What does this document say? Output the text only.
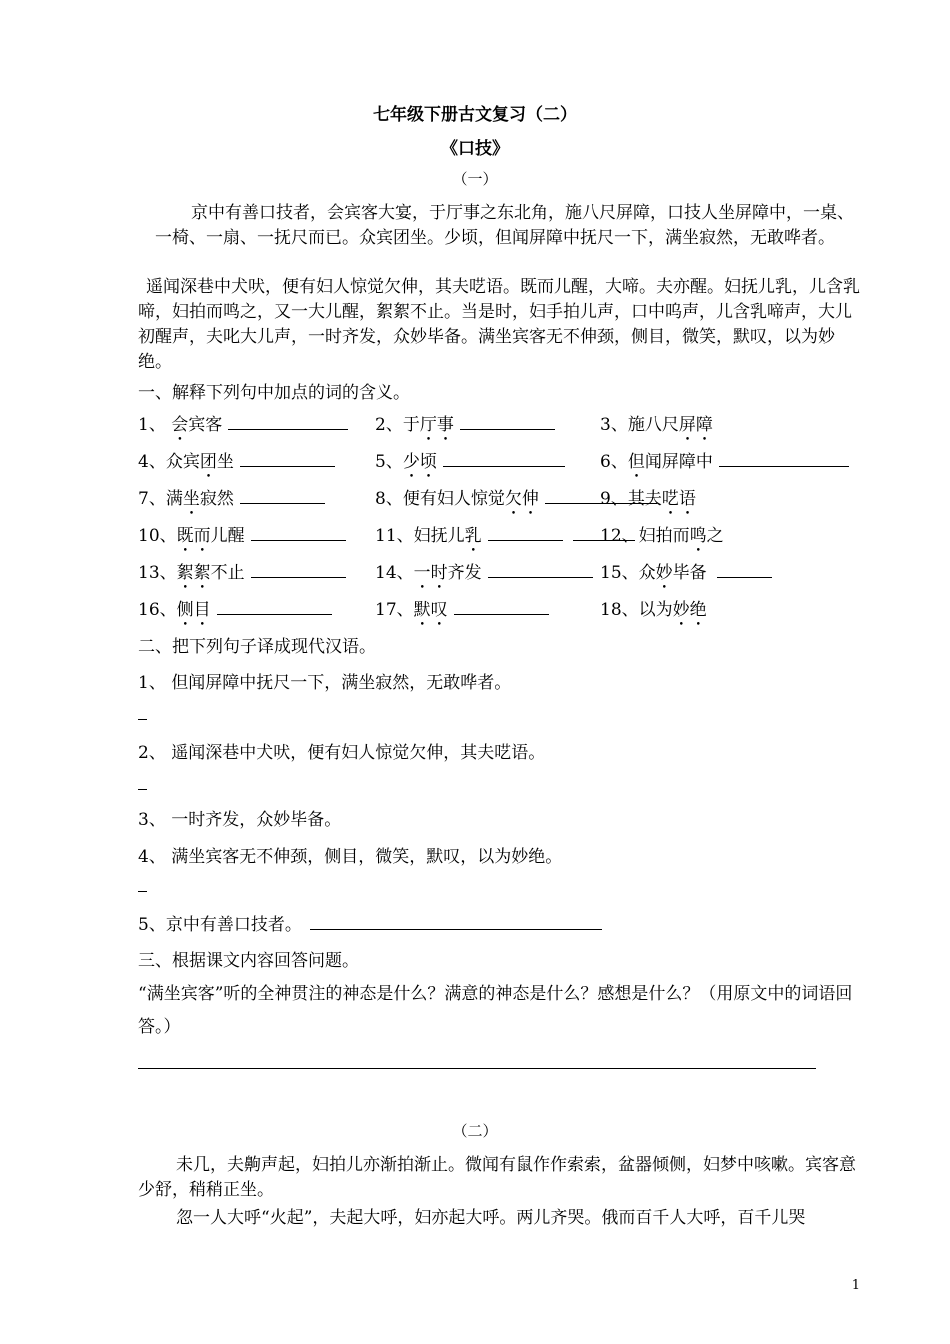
七年级下册古文复习（二）
《口技》
（一）
京中有善口技者，会宾客大宴，于厅事之东北角，施八尺屏障，口技人坐屏障中，一桌、一椅、一扇、一抚尺而已。众宾团坐。少顷，但闻屏障中抚尺一下，满坐寂然，无敢哗者。
遥闻深巷中犬吠，便有妇人惊觉欠伸，其夫呓语。既而儿醒，大啼。夫亦醒。妇抚儿乳，儿含乳啼，妇拍而鸣之，又一大儿醒，絮絮不止。当是时，妇手拍儿声，口中呜声，儿含乳啼声，大儿初醒声，夫叱大儿声，一时齐发，众妙毕备。满坐宾客无不伸颈，侧目，微笑，默叹，以为妙绝。
一、解释下列句中加点的词的含义。
1、 会宾客	2、于厅事	3、施八尺屏障
4、众宾团坐	5、少顷	6、但闻屏障中
7、满坐寂然	8、便有妇人惊觉欠伸	9、其夫呓语
10、既而儿醒	11、妇抚儿乳	12、妇拍而鸣之
13、絮絮不止	14、一时齐发	15、众妙毕备
16、侧目	17、默叹	18、以为妙绝
二、把下列句子译成现代汉语。
1、 但闻屏障中抚尺一下，满坐寂然，无敢哗者。
2、 遥闻深巷中犬吠，便有妇人惊觉欠伸，其夫呓语。
3、 一时齐发，众妙毕备。
4、 满坐宾客无不伸颈，侧目，微笑，默叹，以为妙绝。
5、京中有善口技者。
三、根据课文内容回答问题。
“满坐宾客”听的全神贯注的神态是什么？满意的神态是什么？感想是什么？（用原文中的词语回答。）
（二）
未几，夫齁声起，妇拍儿亦渐拍渐止。微闻有鼠作作索索，盆器倾侧，妇梦中咳嗽。宾客意少舒，稍稍正坐。
忽一人大呼“火起”，夫起大呼，妇亦起大呼。两儿齐哭。俄而百千人大呼，百千儿哭
1
